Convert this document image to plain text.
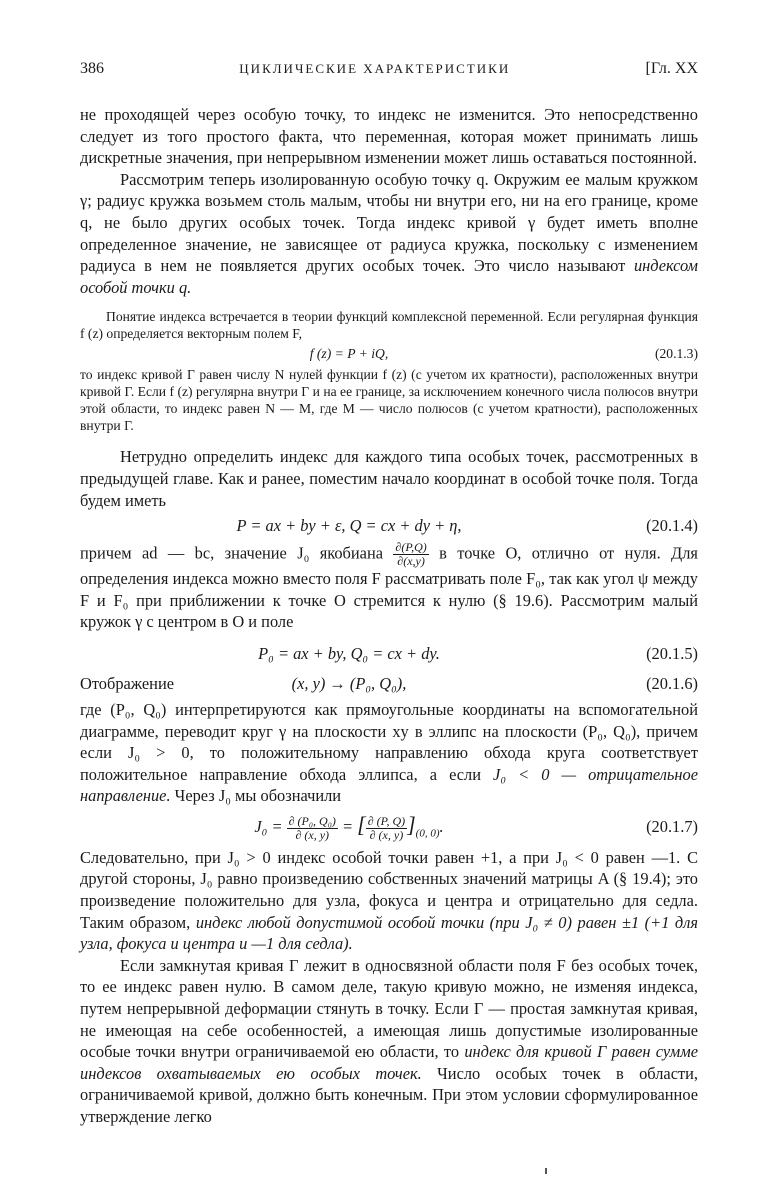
386	ЦИКЛИЧЕСКИЕ ХАРАКТЕРИСТИКИ	[Гл. XX

не проходящей через особую точку, то индекс не изменится. Это непосредственно следует из того простого факта, что переменная, которая может принимать лишь дискретные значения, при непрерывном изменении может лишь оставаться постоянной.

Рассмотрим теперь изолированную особую точку q. Окружим ее малым кружком γ; радиус кружка возьмем столь малым, чтобы ни внутри его, ни на его границе, кроме q, не было других особых точек. Тогда индекс кривой γ будет иметь вполне определенное значение, не зависящее от радиуса кружка, поскольку с изменением радиуса в нем не появляется других особых точек. Это число называют индексом особой точки q.

Понятие индекса встречается в теории функций комплексной переменной. Если регулярная функция f (z) определяется векторным полем F,

f (z) = P + iQ,	(20.1.3)

то индекс кривой Г равен числу N нулей функции f (z) (с учетом их кратности), расположенных внутри кривой Г. Если f (z) регулярна внутри Г и на ее границе, за исключением конечного числа полюсов внутри этой области, то индекс равен N — M, где M — число полюсов (с учетом кратности), расположенных внутри Г.

Нетрудно определить индекс для каждого типа особых точек, рассмотренных в предыдущей главе. Как и ранее, поместим начало координат в особой точке поля. Тогда будем иметь

P = ax + by + ε, Q = cx + dy + η,	(20.1.4)

причем ad — bc, значение J₀ якобиана $\frac{\partial(P,Q)}{\partial(x,y)}$ в точке O, отлично от нуля. Для определения индекса можно вместо поля F рассматривать поле F₀, так как угол ψ между F и F₀ при приближении к точке O стремится к нулю (§ 19.6). Рассмотрим малый кружок γ с центром в O и поле

P₀ = ax + by, Q₀ = cx + dy.	(20.1.5)
Отображение	(x, y) → (P₀, Q₀),	(20.1.6)

где (P₀, Q₀) интерпретируются как прямоугольные координаты на вспомогательной диаграмме, переводит круг γ на плоскости xy в эллипс на плоскости (P₀, Q₀), причем если J₀ > 0, то положительному направлению обхода круга соответствует положительное направление обхода эллипса, а если J₀ < 0 — отрицательное направление. Через J₀ мы обозначили

$J_0 = \frac{\text{∂ (P₀, Q₀)}}{\partial (x, y)}$ = [ $\frac{\partial (P, Q)}{\partial (x, y)} ]_{(0, 0)}$.	(20.1.7)

Следовательно, при J₀ > 0 индекс особой точки равен +1, а при J₀ < 0 равен —1. С другой стороны, J₀ равно произведению собственных значений матрицы A (§ 19.4); это произведение положительно для узла, фокуса и центра и отрицательно для седла. Таким образом, индекс любой допустимой особой точки (при J₀ ≠ 0) равен ±1 (+1 для узла, фокуса и центра и —1 для седла).

Если замкнутая кривая Г лежит в односвязной области поля F без особых точек, то ее индекс равен нулю. В самом деле, такую кривую можно, не изменяя индекса, путем непрерывной деформации стянуть в точку. Если Г — простая замкнутая кривая, не имеющая на себе особенностей, а имеющая лишь допустимые изолированные особые точки внутри ограничиваемой ею области, то индекс для кривой Г равен сумме индексов охватываемых ею особых точек. Число особых точек в области, ограничиваемой кривой, должно быть конечным. При этом условии сформулированное утверждение легко
